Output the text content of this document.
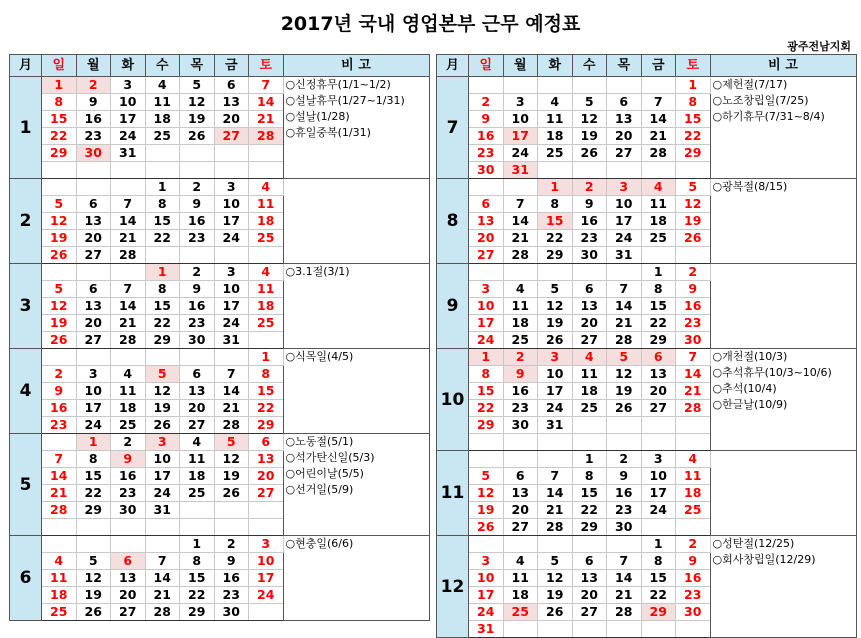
2017년 국내 영업본부 근무 예정표
광주전남지회
月	일	월	화	수	목	금	토	비 고
1	1	2	3	4	5	6	7	○신정휴무(1/1~1/2)
○설날휴무(1/27~1/31)
○설날(1/28)
○휴일중복(1/31)

	8	9	10	11	12	13	14	
	15	16	17	18	19	20	21	
	22	23	24	25	26	27	28	
	29	30	31					

2				1	2	3	4	
	5	6	7	8	9	10	11	
	12	13	14	15	16	17	18	
	19	20	21	22	23	24	25	
	26	27	28					
3				1	2	3	4	○3.1절(3/1)

	5	6	7	8	9	10	11	
	12	13	14	15	16	17	18	
	19	20	21	22	23	24	25	
	26	27	28	29	30	31		
4							1	○식목일(4/5)

	2	3	4	5	6	7	8	
	9	10	11	12	13	14	15	
	16	17	18	19	20	21	22	
	23	24	25	26	27	28	29	
5		1	2	3	4	5	6	○노동절(5/1)
○석가탄신일(5/3)
○어린이날(5/5)
○선거일(5/9)

	7	8	9	10	11	12	13	
	14	15	16	17	18	19	20	
	21	22	23	24	25	26	27	
	28	29	30	31				

6					1	2	3	○현충일(6/6)

	4	5	6	7	8	9	10	
	11	12	13	14	15	16	17	
	18	19	20	21	22	23	24	
	25	26	27	28	29	30		
月	일	월	화	수	목	금	토	비 고
7							1	○제헌절(7/17)
○노조창립일(7/25)
○하기휴무(7/31~8/4)

	2	3	4	5	6	7	8	
	9	10	11	12	13	14	15	
	16	17	18	19	20	21	22	
	23	24	25	26	27	28	29	
	30	31						
8			1	2	3	4	5	○광복절(8/15)

	6	7	8	9	10	11	12	
	13	14	15	16	17	18	19	
	20	21	22	23	24	25	26	
	27	28	29	30	31			
9						1	2	
	3	4	5	6	7	8	9	
	10	11	12	13	14	15	16	
	17	18	19	20	21	22	23	
	24	25	26	27	28	29	30	
10	1	2	3	4	5	6	7	○개천절(10/3)
○추석휴무(10/3~10/6)
○추석(10/4)
○한글날(10/9)

	8	9	10	11	12	13	14	
	15	16	17	18	19	20	21	
	22	23	24	25	26	27	28	
	29	30	31					

11				1	2	3	4	
	5	6	7	8	9	10	11	
	12	13	14	15	16	17	18	
	19	20	21	22	23	24	25	
	26	27	28	29	30			
12						1	2	○성탄절(12/25)
○회사창립일(12/29)

	3	4	5	6	7	8	9	
	10	11	12	13	14	15	16	
	17	18	19	20	21	22	23	
	24	25	26	27	28	29	30	
	31							
